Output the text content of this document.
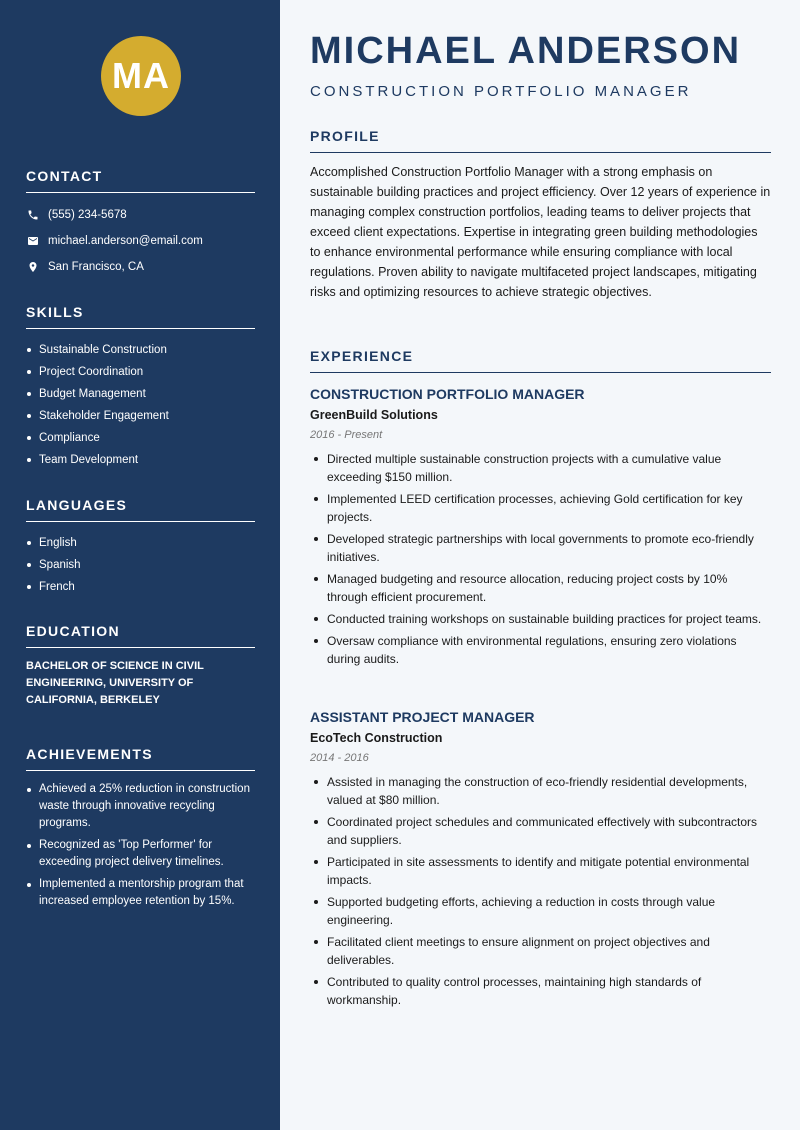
MA
CONTACT
(555) 234-5678
michael.anderson@email.com
San Francisco, CA
SKILLS
Sustainable Construction
Project Coordination
Budget Management
Stakeholder Engagement
Compliance
Team Development
LANGUAGES
English
Spanish
French
EDUCATION
BACHELOR OF SCIENCE IN CIVIL ENGINEERING, UNIVERSITY OF CALIFORNIA, BERKELEY
ACHIEVEMENTS
Achieved a 25% reduction in construction waste through innovative recycling programs.
Recognized as 'Top Performer' for exceeding project delivery timelines.
Implemented a mentorship program that increased employee retention by 15%.
MICHAEL ANDERSON
CONSTRUCTION PORTFOLIO MANAGER
PROFILE
Accomplished Construction Portfolio Manager with a strong emphasis on sustainable building practices and project efficiency. Over 12 years of experience in managing complex construction portfolios, leading teams to deliver projects that exceed client expectations. Expertise in integrating green building methodologies to enhance environmental performance while ensuring compliance with local regulations. Proven ability to navigate multifaceted project landscapes, mitigating risks and optimizing resources to achieve strategic objectives.
EXPERIENCE
CONSTRUCTION PORTFOLIO MANAGER
GreenBuild Solutions
2016 - Present
Directed multiple sustainable construction projects with a cumulative value exceeding $150 million.
Implemented LEED certification processes, achieving Gold certification for key projects.
Developed strategic partnerships with local governments to promote eco-friendly initiatives.
Managed budgeting and resource allocation, reducing project costs by 10% through efficient procurement.
Conducted training workshops on sustainable building practices for project teams.
Oversaw compliance with environmental regulations, ensuring zero violations during audits.
ASSISTANT PROJECT MANAGER
EcoTech Construction
2014 - 2016
Assisted in managing the construction of eco-friendly residential developments, valued at $80 million.
Coordinated project schedules and communicated effectively with subcontractors and suppliers.
Participated in site assessments to identify and mitigate potential environmental impacts.
Supported budgeting efforts, achieving a reduction in costs through value engineering.
Facilitated client meetings to ensure alignment on project objectives and deliverables.
Contributed to quality control processes, maintaining high standards of workmanship.
